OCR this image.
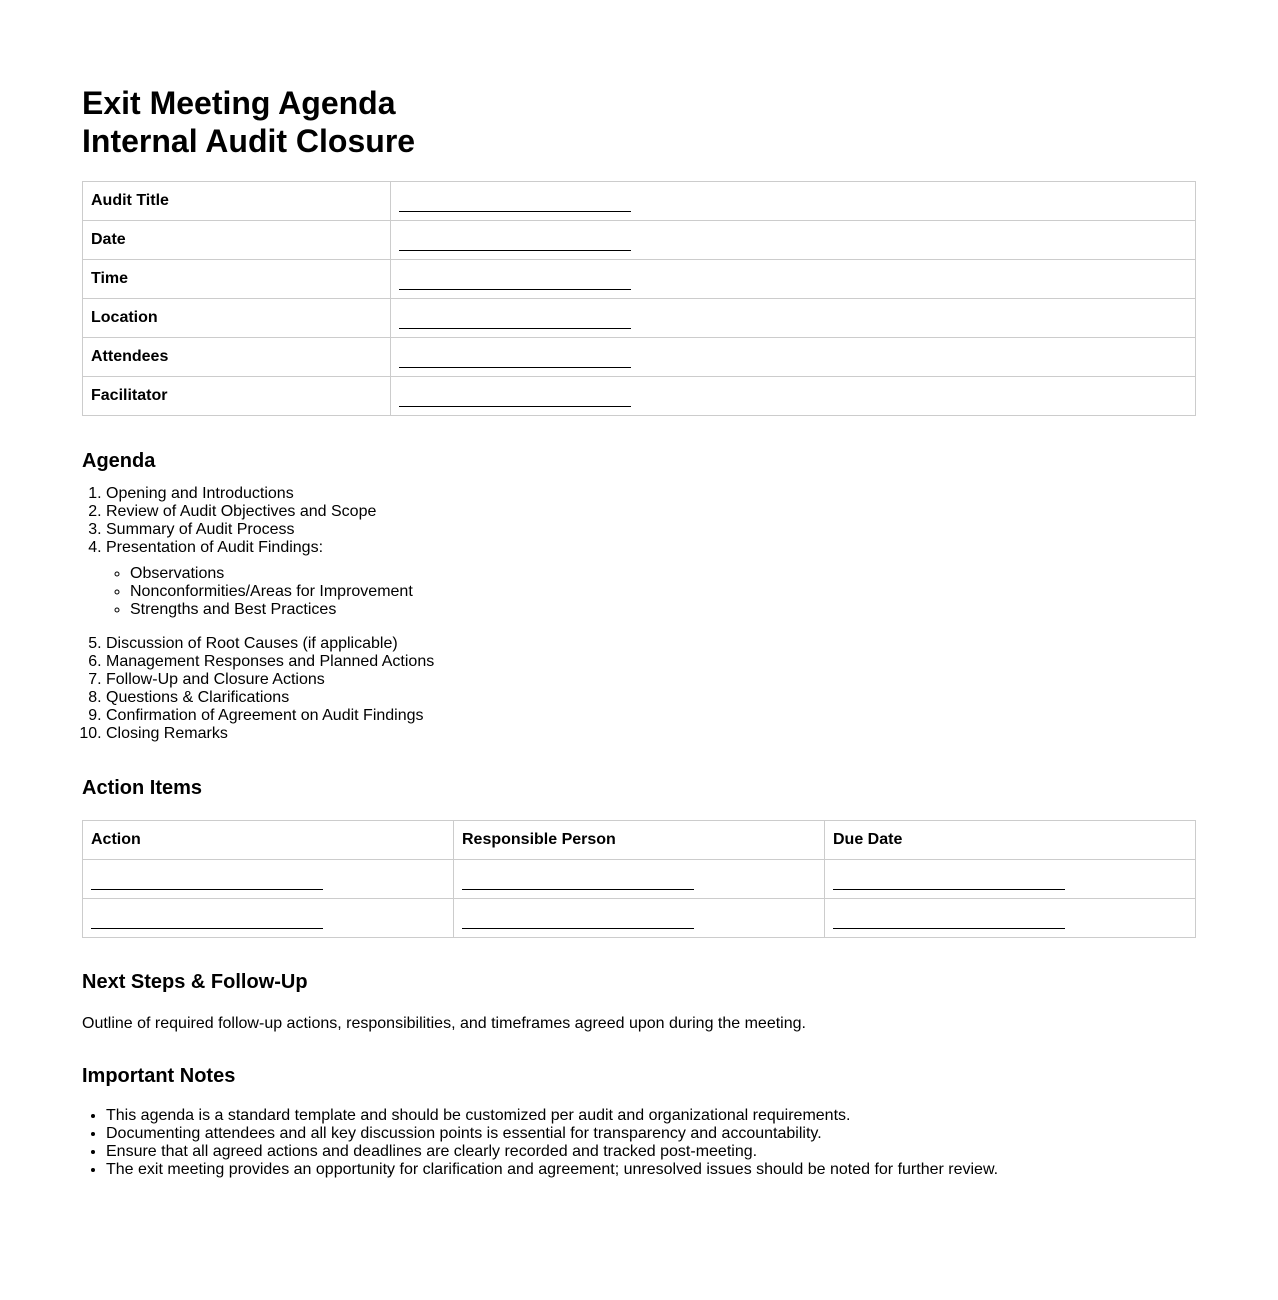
Exit Meeting Agenda
Internal Audit Closure
Audit Title	
Date	
Time	
Location	
Attendees	
Facilitator	
Agenda
1. Opening and Introductions
2. Review of Audit Objectives and Scope
3. Summary of Audit Process
4. Presentation of Audit Findings:
◦ Observations
◦ Nonconformities/Areas for Improvement
◦ Strengths and Best Practices
5. Discussion of Root Causes (if applicable)
6. Management Responses and Planned Actions
7. Follow-Up and Closure Actions
8. Questions & Clarifications
9. Confirmation of Agreement on Audit Findings
10. Closing Remarks
Action Items
Action	Responsible Person	Due Date

Next Steps & Follow-Up

Outline of required follow-up actions, responsibilities, and timeframes agreed upon during the meeting.

Important Notes
• This agenda is a standard template and should be customized per audit and organizational requirements.
• Documenting attendees and all key discussion points is essential for transparency and accountability.
• Ensure that all agreed actions and deadlines are clearly recorded and tracked post-meeting.
• The exit meeting provides an opportunity for clarification and agreement; unresolved issues should be noted for further review.
